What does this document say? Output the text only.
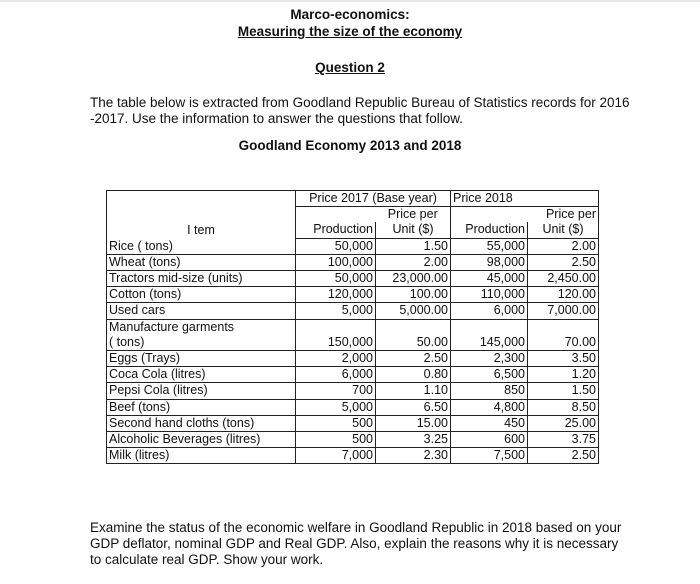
Marco-economics:
Measuring the size of the economy
Question 2
The table below is extracted from Goodland Republic Bureau of Statistics records for 2016 -2017. Use the information to answer the questions that follow.
Goodland Economy 2013 and 2018
I tem	Price 2017 (Base year)		Price 2018	
		Price per		Price per
	Production	Unit ($)	Production	Unit ($)
Rice ( tons)	50,000	1.50	55,000	2.00
Wheat (tons)	100,000	2.00	98,000	2.50
Tractors mid-size (units)	50,000	23,000.00	45,000	2,450.00
Cotton (tons)	120,000	100.00	110,000	120.00
Used cars	5,000	5,000.00	6,000	7,000.00
Manufacture garments
( tons)	150,000	50.00	145,000	70.00
Eggs (Trays)	2,000	2.50	2,300	3.50
Coca Cola (litres)	6,000	0.80	6,500	1.20
Pepsi Cola (litres)	700	1.10	850	1.50
Beef (tons)	5,000	6.50	4,800	8.50
Second hand cloths (tons)	500	15.00	450	25.00
Alcoholic Beverages (litres)	500	3.25	600	3.75
Milk (litres)	7,000	2.30	7,500	2.50
Examine the status of the economic welfare in Goodland Republic in 2018 based on your GDP deflator, nominal GDP and Real GDP. Also, explain the reasons why it is necessary to calculate real GDP. Show your work.
